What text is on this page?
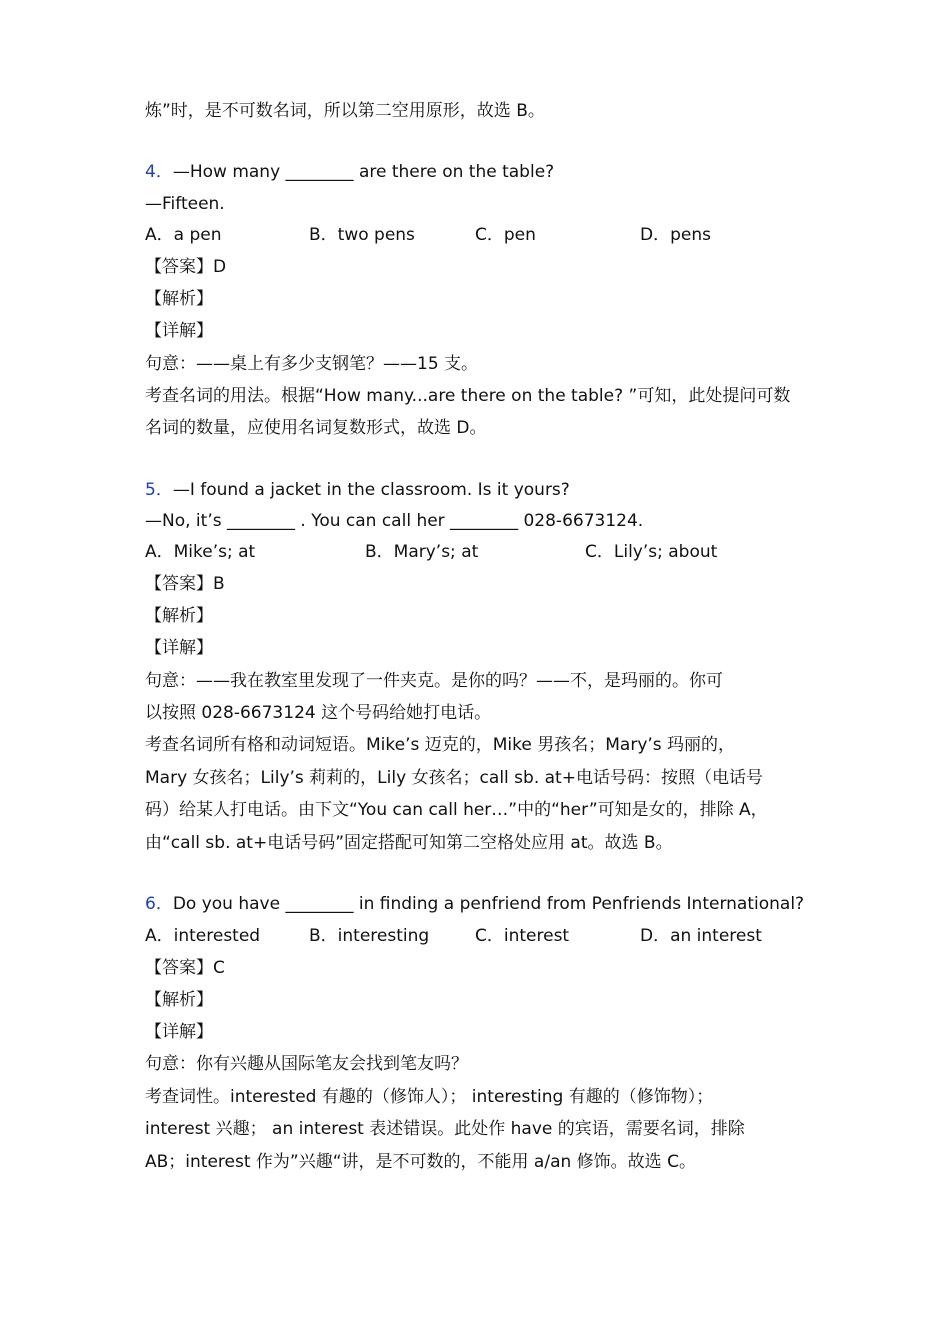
炼”时，是不可数名词，所以第二空用原形，故选 B。
4．—How many ________ are there on the table?
—Fifteen.
A．a pen	B．two pens	C．pen	D．pens
【答案】D
【解析】
【详解】
句意：——桌上有多少支钢笔？——15 支。
考查名词的用法。根据“How many...are there on the table? ”可知，此处提问可数
名词的数量，应使用名词复数形式，故选 D。
5．—I found a jacket in the classroom. Is it yours?
—No, it’s ________ . You can call her ________ 028-6673124.
A．Mike’s; at	B．Mary’s; at	C．Lily’s; about
【答案】B
【解析】
【详解】
句意：——我在教室里发现了一件夹克。是你的吗？——不，是玛丽的。你可
以按照 028-6673124 这个号码给她打电话。
考查名词所有格和动词短语。Mike’s 迈克的，Mike 男孩名；Mary’s 玛丽的，
Mary 女孩名；Lily’s 莉莉的，Lily 女孩名；call sb. at+电话号码：按照（电话号
码）给某人打电话。由下文“You can call her…”中的“her”可知是女的，排除 A，
由“call sb. at+电话号码”固定搭配可知第二空格处应用 at。故选 B。
6．Do you have ________ in finding a penfriend from Penfriends International?
A．interested	B．interesting	C．interest	D．an interest
【答案】C
【解析】
【详解】
句意：你有兴趣从国际笔友会找到笔友吗？
考查词性。interested 有趣的（修饰人）； interesting 有趣的（修饰物）；
interest 兴趣； an interest 表述错误。此处作 have 的宾语，需要名词，排除
AB；interest 作为”兴趣“讲，是不可数的，不能用 a/an 修饰。故选 C。
